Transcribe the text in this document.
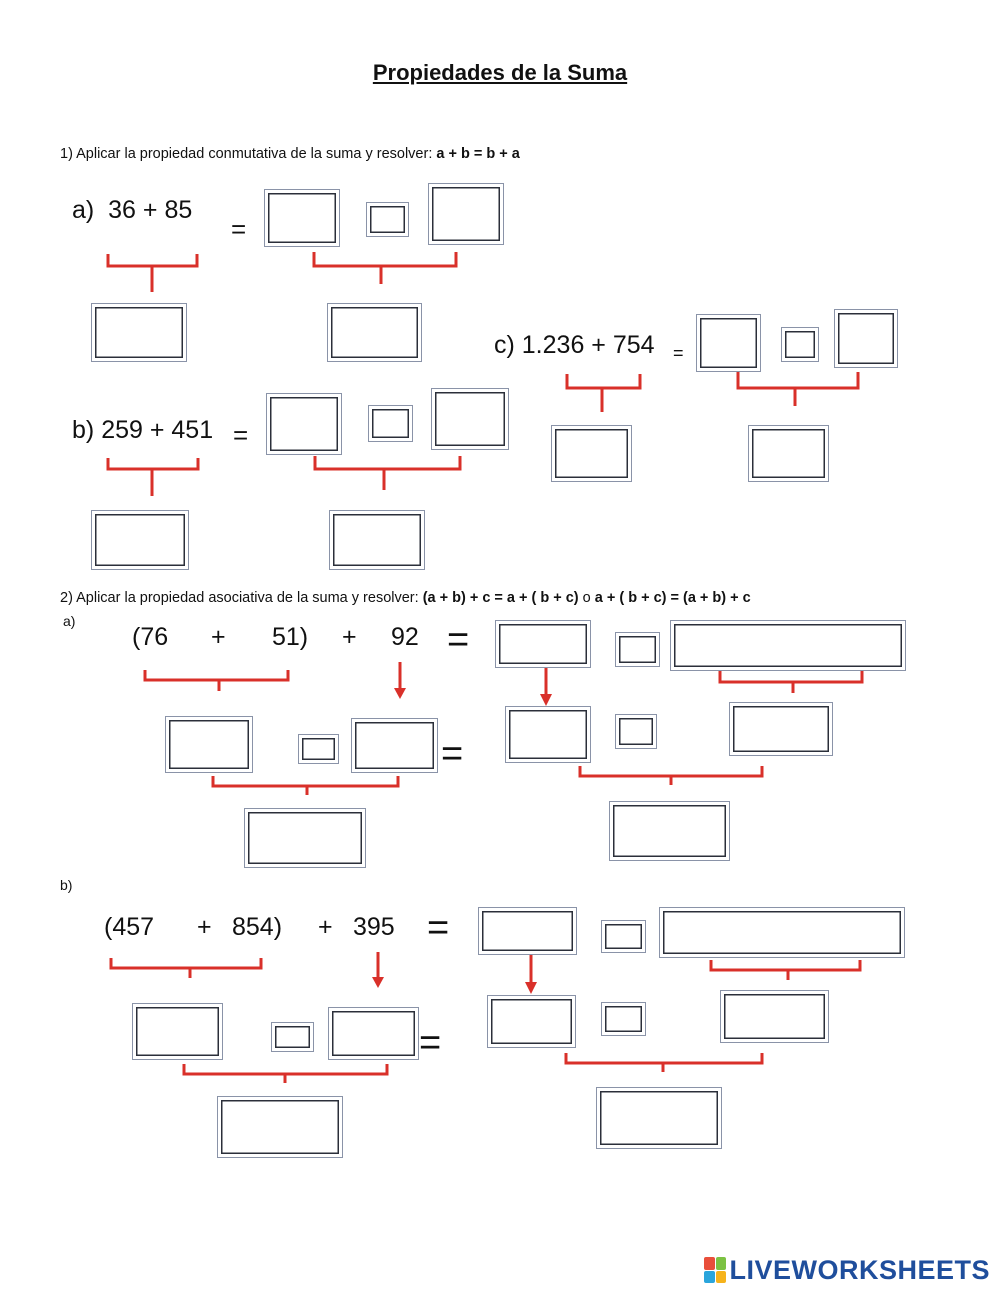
Propiedades de la Suma
1) Aplicar la propiedad conmutativa de la suma y resolver: a + b = b + a
a) 36 + 85
=
b) 259 + 451 =
c) 1.236 + 754 =
2) Aplicar la propiedad asociativa de la suma y resolver: (a + b) + c = a + ( b + c) o a + ( b + c) = (a + b) + c
a)
(76 + 51) + 92 =
=
b)
(457 + 854) + 395 =
=
LIVEWORKSHEETS
